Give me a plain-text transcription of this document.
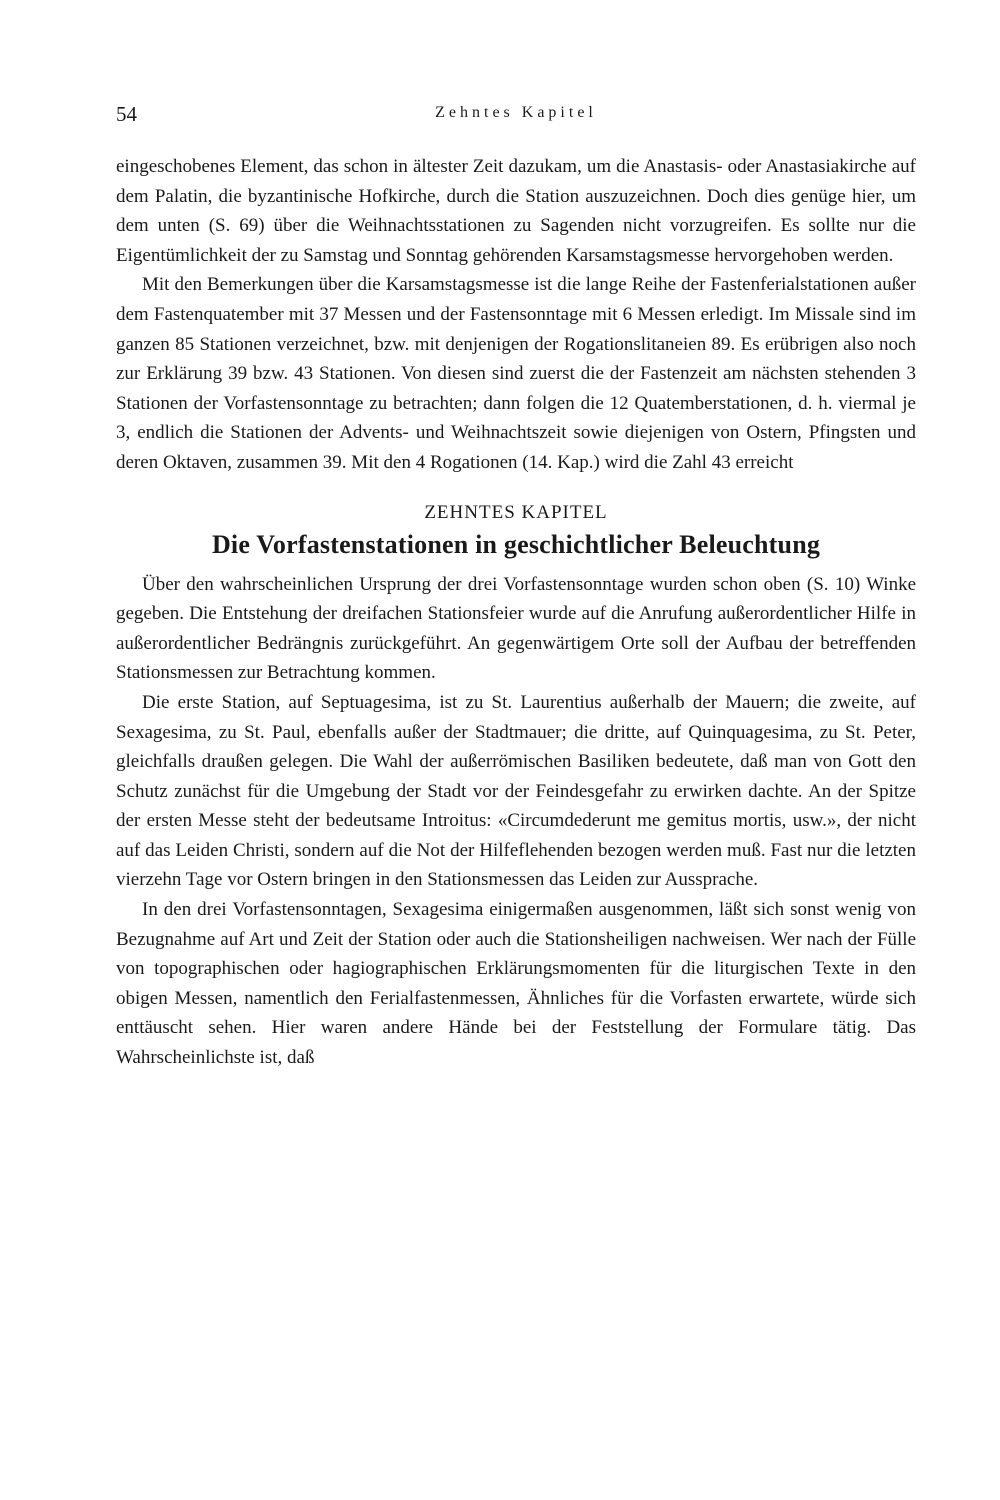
54	Zehntes Kapitel

eingeschobenes Element, das schon in ältester Zeit dazukam, um die Anastasis- oder Anastasiakirche auf dem Palatin, die byzantinische Hofkirche, durch die Station auszuzeichnen. Doch dies genüge hier, um dem unten (S. 69) über die Weihnachtsstationen zu Sagenden nicht vorzugreifen. Es sollte nur die Eigentümlichkeit der zu Samstag und Sonntag gehörenden Karsamstagsmesse hervorgehoben werden.

Mit den Bemerkungen über die Karsamstagsmesse ist die lange Reihe der Fastenferialstationen außer dem Fastenquatember mit 37 Messen und der Fastensonntage mit 6 Messen erledigt. Im Missale sind im ganzen 85 Stationen verzeichnet, bzw. mit denjenigen der Rogationslitaneien 89. Es erübrigen also noch zur Erklärung 39 bzw. 43 Stationen. Von diesen sind zuerst die der Fastenzeit am nächsten stehenden 3 Stationen der Vorfastensonntage zu betrachten; dann folgen die 12 Quatemberstationen, d. h. viermal je 3, endlich die Stationen der Advents- und Weihnachtszeit sowie diejenigen von Ostern, Pfingsten und deren Oktaven, zusammen 39. Mit den 4 Rogationen (14. Kap.) wird die Zahl 43 erreicht

ZEHNTES KAPITEL
Die Vorfastenstationen in geschichtlicher Beleuchtung

Über den wahrscheinlichen Ursprung der drei Vorfastensonntage wurden schon oben (S. 10) Winke gegeben. Die Entstehung der dreifachen Stationsfeier wurde auf die Anrufung außerordentlicher Hilfe in außerordentlicher Bedrängnis zurückgeführt. An gegenwärtigem Orte soll der Aufbau der betreffenden Stationsmessen zur Betrachtung kommen.

Die erste Station, auf Septuagesima, ist zu St. Laurentius außerhalb der Mauern; die zweite, auf Sexagesima, zu St. Paul, ebenfalls außer der Stadtmauer; die dritte, auf Quinquagesima, zu St. Peter, gleichfalls draußen gelegen. Die Wahl der außerrömischen Basiliken bedeutete, daß man von Gott den Schutz zunächst für die Umgebung der Stadt vor der Feindesgefahr zu erwirken dachte. An der Spitze der ersten Messe steht der bedeutsame Introitus: «Circumdederunt me gemitus mortis, usw.», der nicht auf das Leiden Christi, sondern auf die Not der Hilfeflehenden bezogen werden muß. Fast nur die letzten vierzehn Tage vor Ostern bringen in den Stationsmessen das Leiden zur Aussprache.

In den drei Vorfastensonntagen, Sexagesima einigermaßen ausgenommen, läßt sich sonst wenig von Bezugnahme auf Art und Zeit der Station oder auch die Stationsheiligen nachweisen. Wer nach der Fülle von topographischen oder hagiographischen Erklärungsmomenten für die liturgischen Texte in den obigen Messen, namentlich den Ferialfastenmessen, Ähnliches für die Vorfasten erwartete, würde sich enttäuscht sehen. Hier waren andere Hände bei der Feststellung der Formulare tätig. Das Wahrscheinlichste ist, daß
